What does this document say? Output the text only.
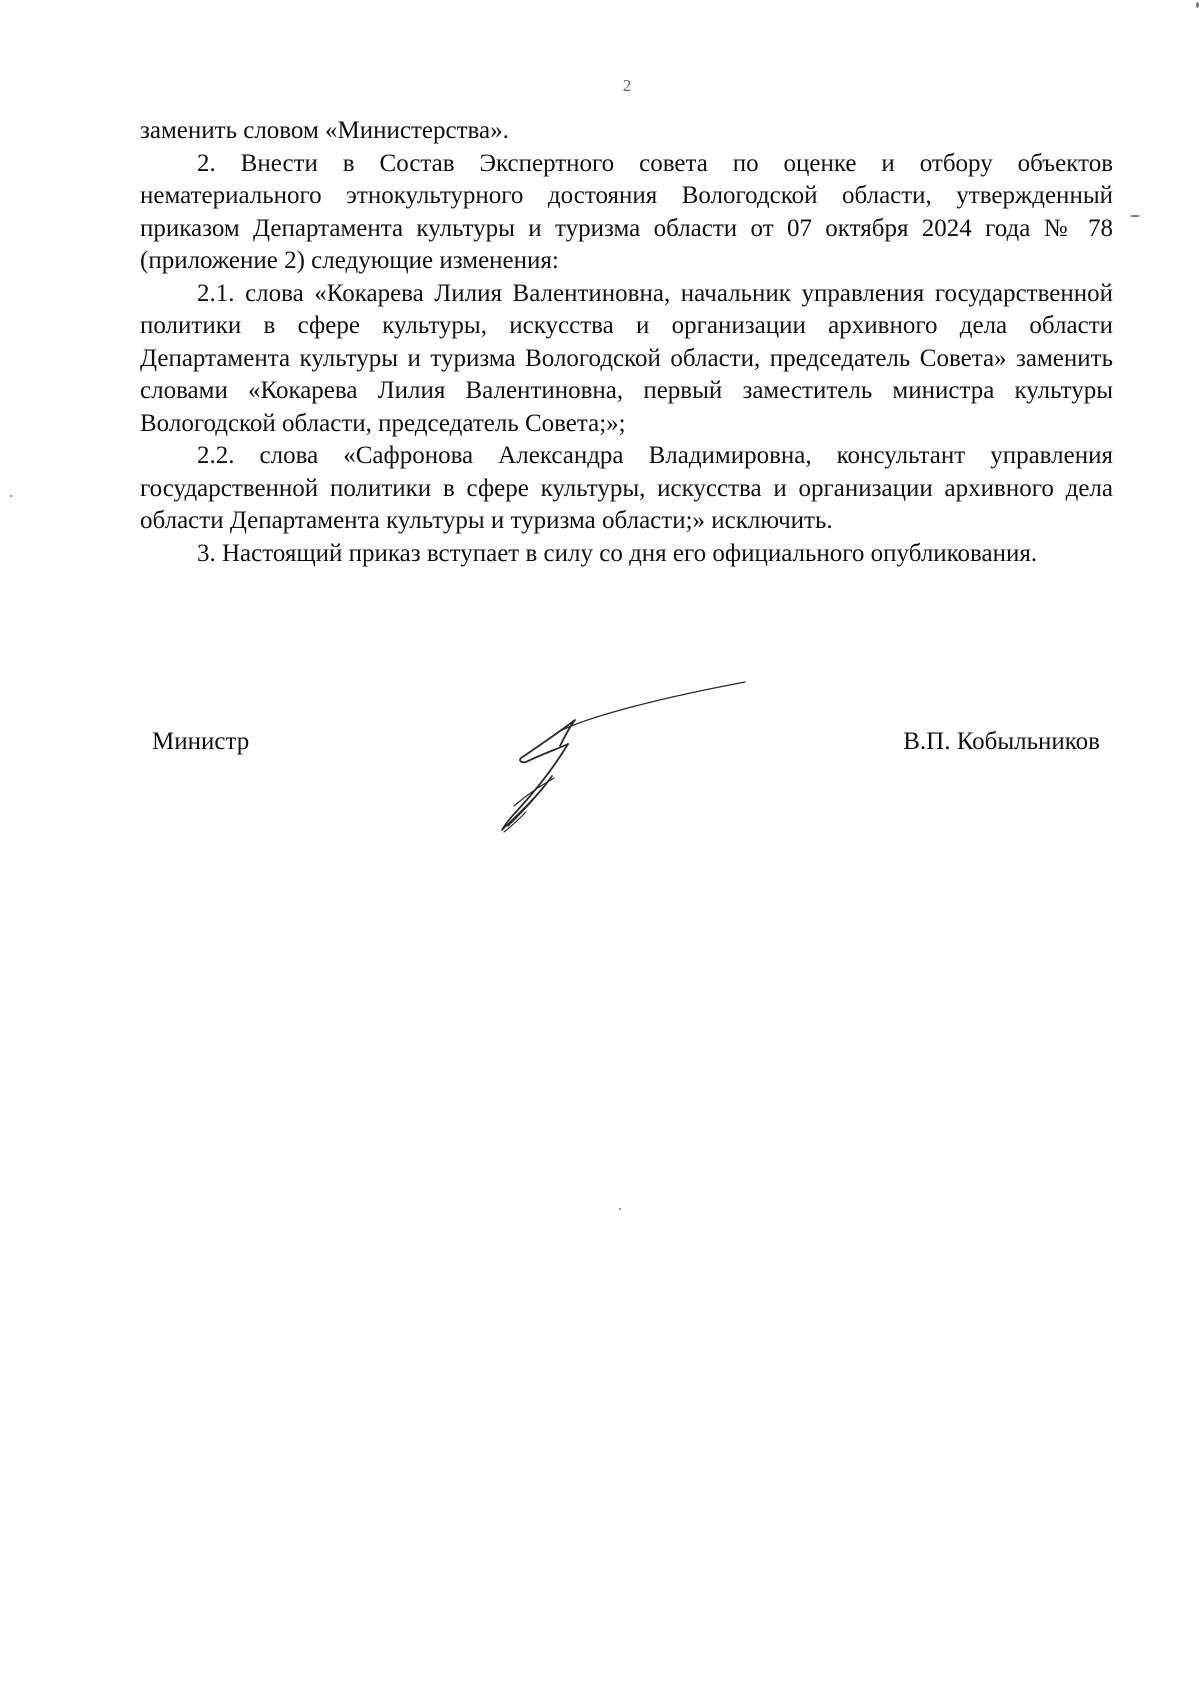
2

заменить словом «Министерства».

2. Внести в Состав Экспертного совета по оценке и отбору объектов нематериального этнокультурного достояния Вологодской области, утвержденный приказом Департамента культуры и туризма области от 07 октября 2024 года № 78 (приложение 2) следующие изменения:

2.1. слова «Кокарева Лилия Валентиновна, начальник управления государственной политики в сфере культуры, искусства и организации архивного дела области Департамента культуры и туризма Вологодской области, председатель Совета» заменить словами «Кокарева Лилия Валентиновна, первый заместитель министра культуры Вологодской области, председатель Совета;»;

2.2. слова «Сафронова Александра Владимировна, консультант управления государственной политики в сфере культуры, искусства и организации архивного дела области Департамента культуры и туризма области;» исключить.

3. Настоящий приказ вступает в силу со дня его официального опубликования.

Министр	В.П. Кобыльников
